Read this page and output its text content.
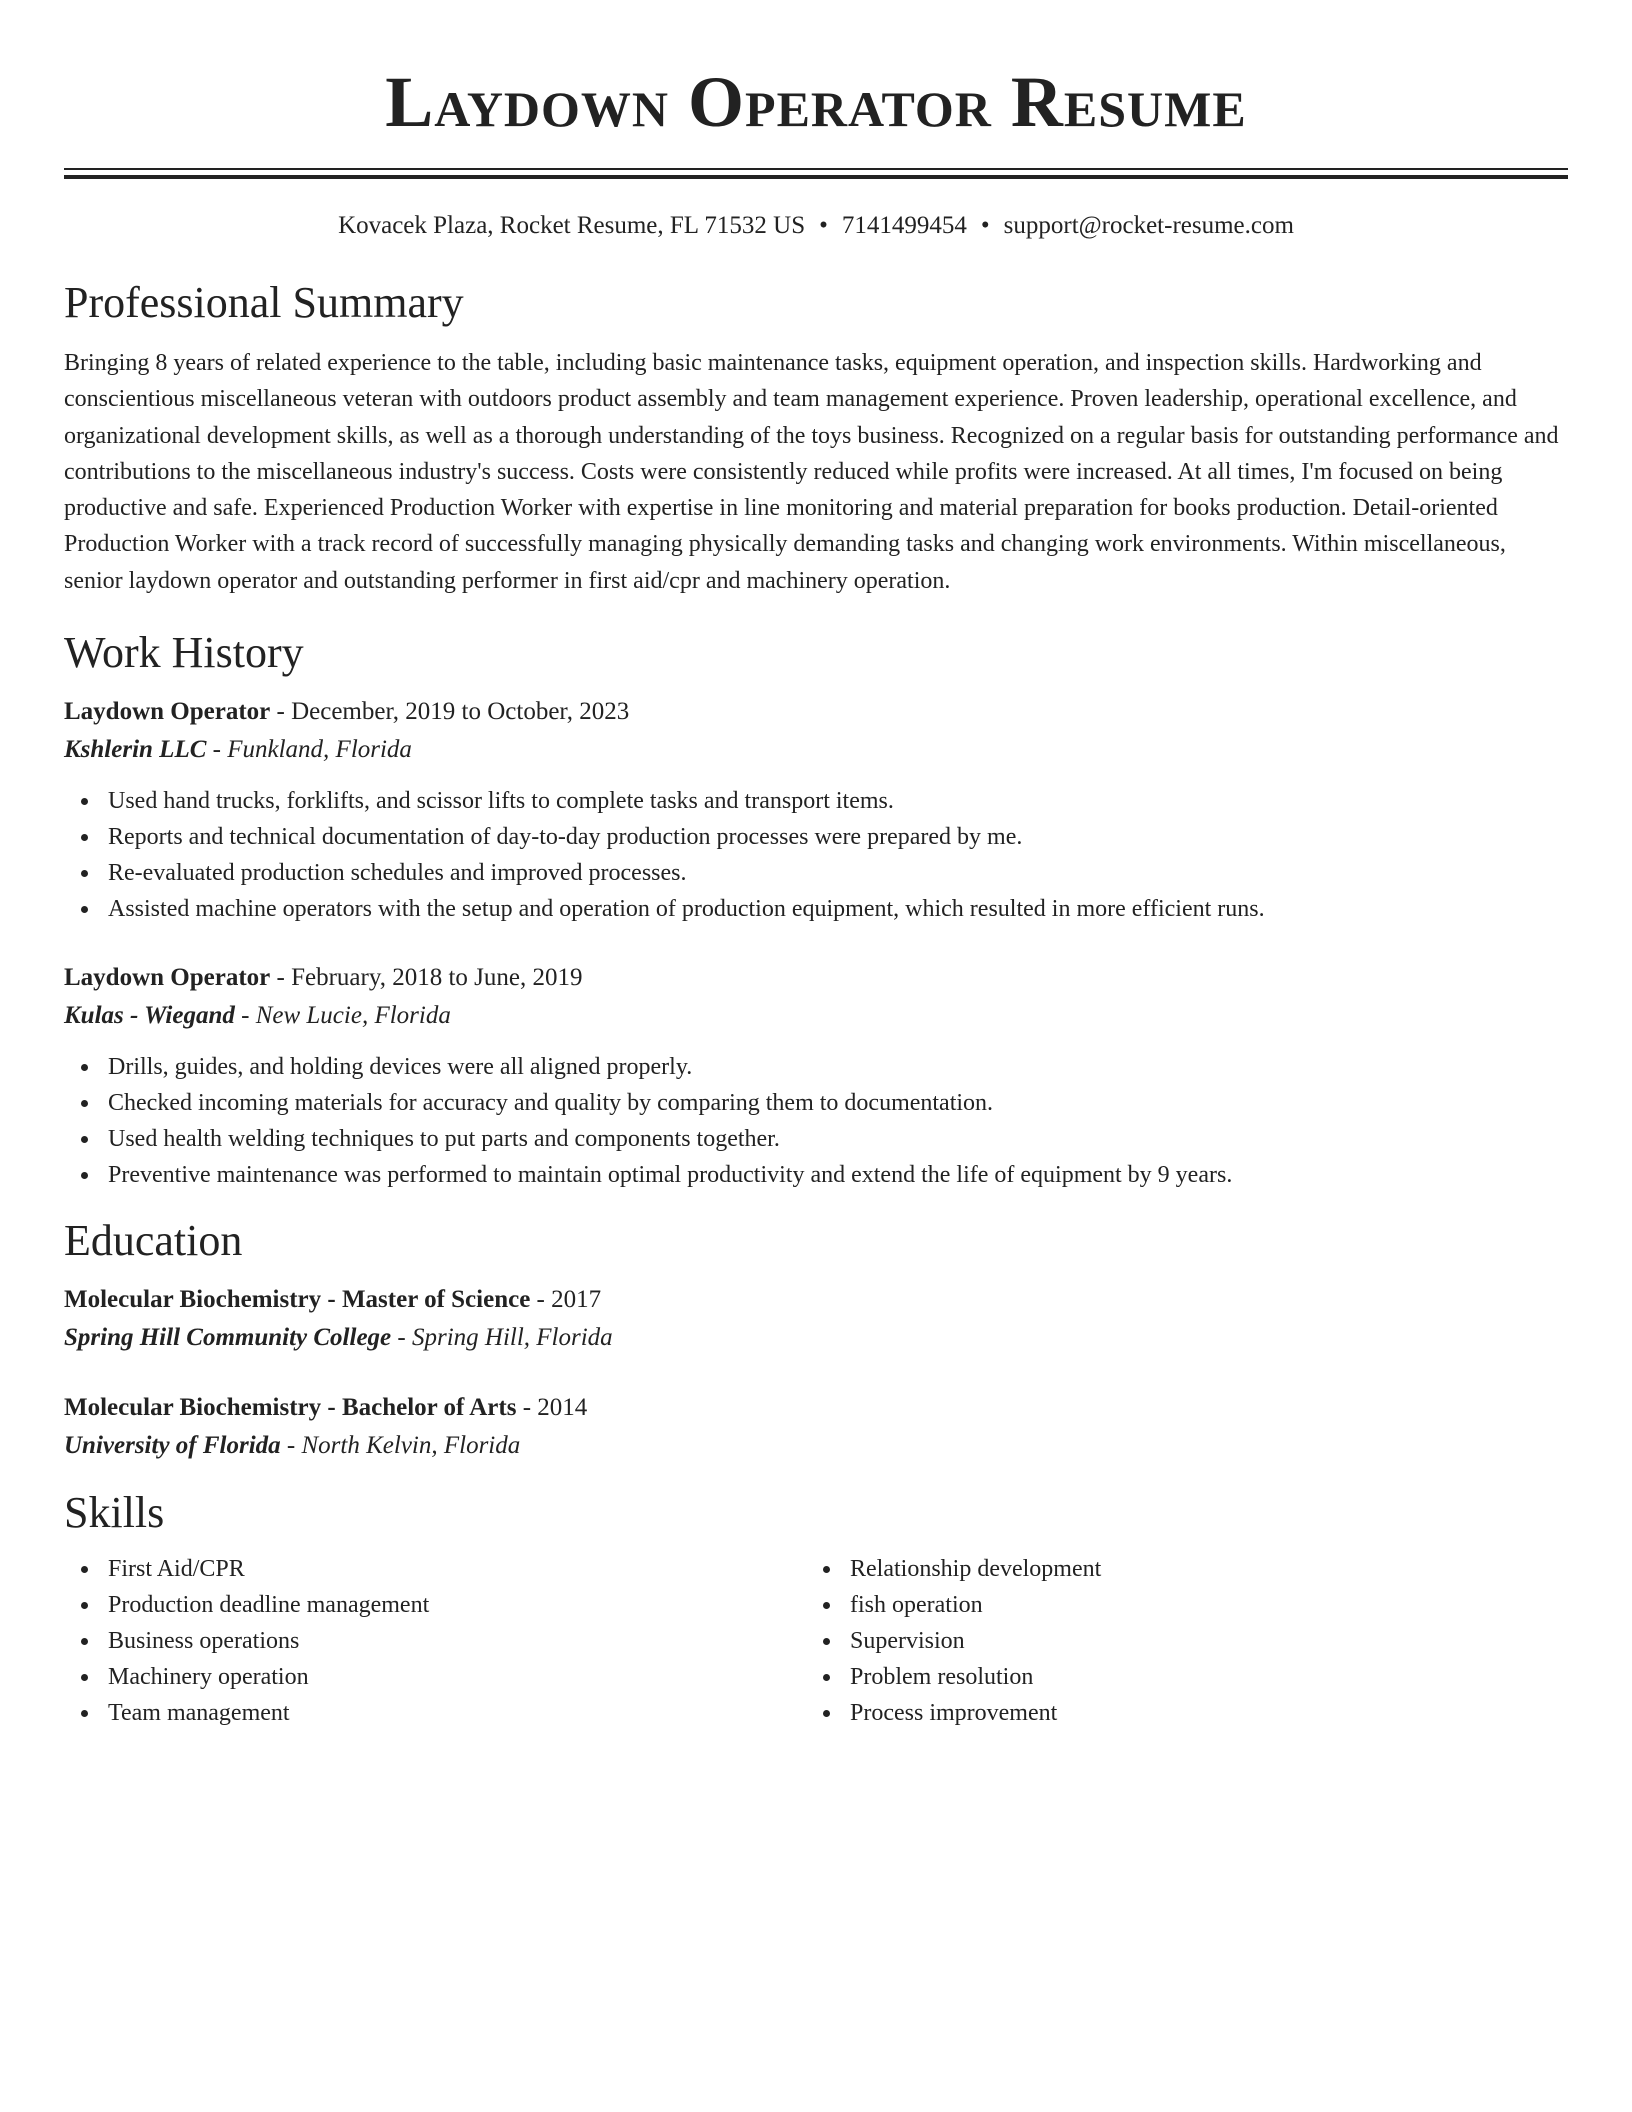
Laydown Operator Resume
Kovacek Plaza, Rocket Resume, FL 71532 US • 7141499454 • support@rocket-resume.com
Professional Summary

Bringing 8 years of related experience to the table, including basic maintenance tasks, equipment operation, and inspection skills. Hardworking and conscientious miscellaneous veteran with outdoors product assembly and team management experience. Proven leadership, operational excellence, and organizational development skills, as well as a thorough understanding of the toys business. Recognized on a regular basis for outstanding performance and contributions to the miscellaneous industry's success. Costs were consistently reduced while profits were increased. At all times, I'm focused on being productive and safe. Experienced Production Worker with expertise in line monitoring and material preparation for books production. Detail-oriented Production Worker with a track record of successfully managing physically demanding tasks and changing work environments. Within miscellaneous, senior laydown operator and outstanding performer in first aid/cpr and machinery operation.

Work History
Laydown Operator - December, 2019 to October, 2023
Kshlerin LLC - Funkland, Florida
Used hand trucks, forklifts, and scissor lifts to complete tasks and transport items.
Reports and technical documentation of day-to-day production processes were prepared by me.
Re-evaluated production schedules and improved processes.
Assisted machine operators with the setup and operation of production equipment, which resulted in more efficient runs.
Laydown Operator - February, 2018 to June, 2019
Kulas - Wiegand - New Lucie, Florida
Drills, guides, and holding devices were all aligned properly.
Checked incoming materials for accuracy and quality by comparing them to documentation.
Used health welding techniques to put parts and components together.
Preventive maintenance was performed to maintain optimal productivity and extend the life of equipment by 9 years.
Education
Molecular Biochemistry - Master of Science - 2017
Spring Hill Community College - Spring Hill, Florida
Molecular Biochemistry - Bachelor of Arts - 2014
University of Florida - North Kelvin, Florida
Skills
First Aid/CPR
Production deadline management
Business operations
Machinery operation
Team management
Relationship development
fish operation
Supervision
Problem resolution
Process improvement
